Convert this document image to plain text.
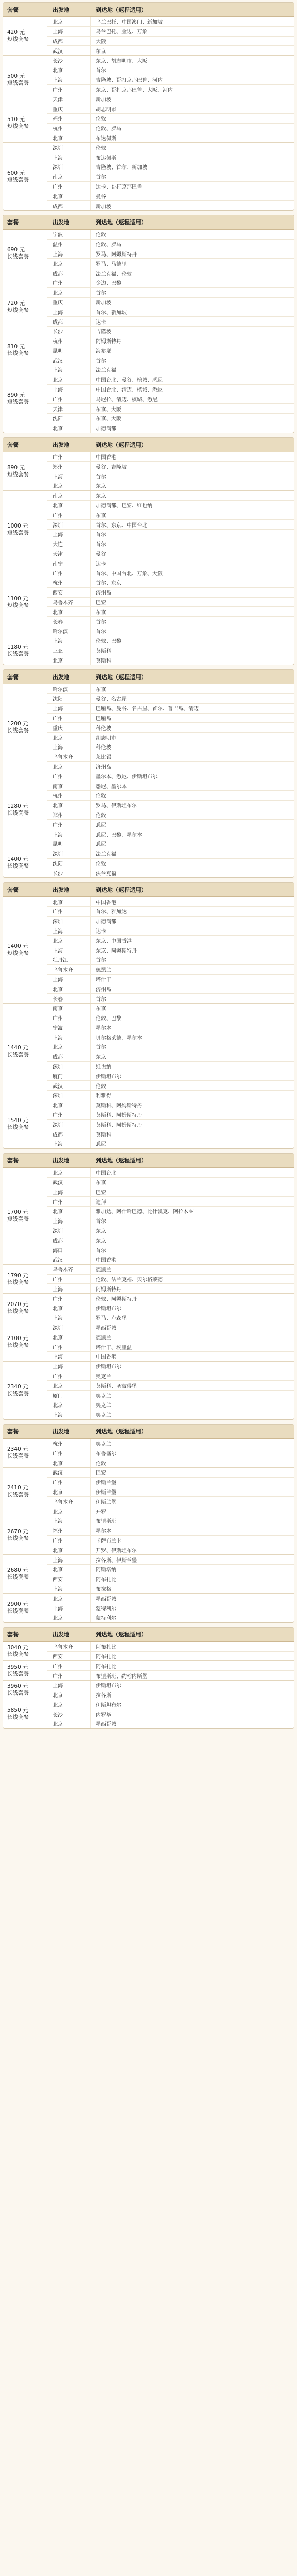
套餐	出发地	到达地（返程适用）
420 元
短线套餐
北京	乌兰巴托、中国澳门、新加坡
上海	乌兰巴托、金边、万象
成都	大阪
武汉	东京
500 元
短线套餐
长沙	东京、胡志明市、大阪
北京	首尔
上海	吉隆坡、哥打京那巴鲁、河内
广州	东京、哥打京那巴鲁、大阪、河内
天津	新加坡
510 元
短线套餐
重庆	胡志明市
福州	伦敦
杭州	伦敦、罗马
北京	布达佩斯
600 元
短线套餐
深圳	伦敦
上海	布达佩斯
深圳	吉隆坡、首尔、新加坡
南京	首尔
广州	达卡、哥打京那巴鲁
北京	曼谷
成都	新加坡
套餐	出发地	到达地（返程适用）
690 元
长线套餐
宁波	伦敦
温州	伦敦、罗马
上海	罗马、阿姆斯特丹
北京	罗马、马德里
成都	法兰克福、伦敦
720 元
短线套餐
广州	金边、巴黎
北京	首尔
重庆	新加坡
上海	首尔、新加坡
成都	达卡
长沙	吉隆坡
810 元
长线套餐
杭州	阿姆斯特丹
昆明	海参崴
武汉	首尔
890 元
短线套餐
上海	法兰克福
北京	中国台北、曼谷、槟城、悉尼
上海	中国台北、清迈、槟城、悉尼
广州	马尼拉、清迈、槟城、悉尼
天津	东京、大阪
沈阳	东京、大阪
北京	加德满都
套餐	出发地	到达地（返程适用）
890 元
短线套餐
广州	中国香港
郑州	曼谷、吉隆坡
上海	首尔
北京	东京
1000 元
短线套餐
南京	东京
北京	加德满都、巴黎、维也纳
广州	东京
深圳	首尔、东京、中国台北
上海	首尔
大连	首尔
天津	曼谷
南宁	达卡
1100 元
短线套餐
广州	首尔、中国台北、万象、大阪
杭州	首尔、东京
西安	济州岛
乌鲁木齐	巴黎
北京	东京
长春	首尔
哈尔滨	首尔
1180 元
长线套餐
上海	伦敦、巴黎
三亚	莫斯科
北京	莫斯科
套餐	出发地	到达地（返程适用）
1200 元
长线套餐
哈尔滨	东京
沈阳	曼谷、名古屋
上海	巴厘岛、曼谷、名古屋、首尔、普吉岛、清迈
广州	巴厘岛
重庆	科伦坡
北京	胡志明市
上海	科伦坡
乌鲁木齐	莱比锡
北京	济州岛
1280 元
长线套餐
广州	墨尔本、悉尼、伊斯坦布尔
南京	悉尼、墨尔本
杭州	伦敦
北京	罗马、伊斯坦布尔
郑州	伦敦
广州	悉尼
上海	悉尼、巴黎、墨尔本
昆明	悉尼
1400 元
长线套餐
深圳	法兰克福
沈阳	伦敦
长沙	法兰克福
套餐	出发地	到达地（返程适用）
1400 元
短线套餐
北京	中国香港
广州	首尔、雅加达
深圳	加德满都
上海	达卡
北京	东京、中国香港
上海	东京、阿姆斯特丹
牡丹江	首尔
乌鲁木齐	德黑兰
上海	塔什干
北京	济州岛
长春	首尔
1440 元
长线套餐
南京	东京
广州	伦敦、巴黎
宁波	墨尔本
上海	贝尔格莱德、墨尔本
北京	首尔
成都	东京
深圳	维也纳
厦门	伊斯坦布尔
武汉	伦敦
深圳	利雅得
1540 元
长线套餐
北京	莫斯科、阿姆斯特丹
广州	莫斯科、阿姆斯特丹
深圳	莫斯科、阿姆斯特丹
成都	莫斯科
上海	悉尼
套餐	出发地	到达地（返程适用）
1700 元
短线套餐
北京	中国台北
武汉	东京
上海	巴黎
广州	迪拜
北京	雅加达、阿什哈巴德、比什凯克、阿拉木图
上海	首尔
深圳	东京
成都	东京
海口	首尔
武汉	中国香港
1790 元
长线套餐
乌鲁木齐	德黑兰
广州	伦敦、法兰克福、贝尔格莱德
上海	阿姆斯特丹
2070 元
长线套餐
广州	伦敦、阿姆斯特丹
北京	伊斯坦布尔
上海	罗马、卢森堡
2100 元
长线套餐
深圳	墨西哥城
北京	德黑兰
广州	塔什干、埃里温
上海	中国香港
2340 元
长线套餐
上海	伊斯坦布尔
广州	奥克兰
北京	莫斯科、圣彼得堡
厦门	奥克兰
北京	奥克兰
上海	奥克兰
套餐	出发地	到达地（返程适用）
2340 元
长线套餐
杭州	奥克兰
广州	布鲁塞尔
北京	伦敦
2410 元
长线套餐
武汉	巴黎
广州	伊斯兰堡
北京	伊斯兰堡
乌鲁木齐	伊斯兰堡
北京	开罗
2670 元
长线套餐
上海	布里斯班
福州	墨尔本
广州	卡萨布兰卡
北京	开罗、伊斯坦布尔
2680 元
长线套餐
上海	拉各斯、伊斯兰堡
北京	阿斯塔纳
西安	阿布扎比
上海	布拉格
2900 元
长线套餐
北京	墨西哥城
上海	蒙特利尔
北京	蒙特利尔
套餐	出发地	到达地（返程适用）
3040 元
长线套餐
乌鲁木齐	阿布扎比
西安	阿布扎比
3950 元
长线套餐
广州	阿布扎比
广州	布里斯班、约翰内斯堡
3960 元
长线套餐
上海	伊斯坦布尔
北京	拉各斯
5850 元
长线套餐
北京	伊斯坦布尔
长沙	内罗毕
北京	墨西哥城
